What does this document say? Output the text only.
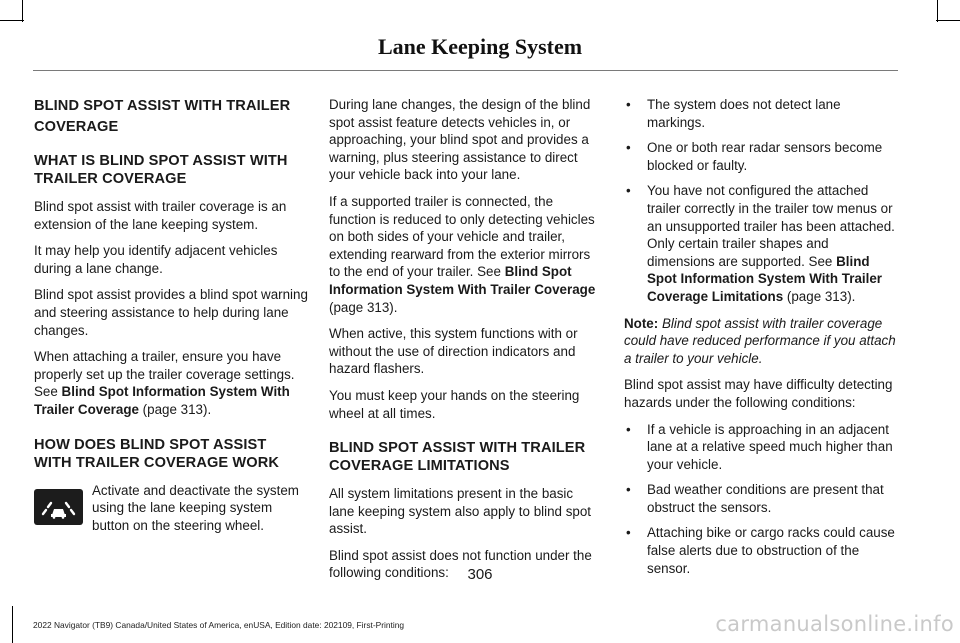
Lane Keeping System
BLIND SPOT ASSIST WITH TRAILER COVERAGE
WHAT IS BLIND SPOT ASSIST WITH TRAILER COVERAGE

Blind spot assist with trailer coverage is an extension of the lane keeping system.

It may help you identify adjacent vehicles during a lane change.

Blind spot assist provides a blind spot warning and steering assistance to help during lane changes.

When attaching a trailer, ensure you have properly set up the trailer coverage settings. See Blind Spot Information System With Trailer Coverage (page 313).

HOW DOES BLIND SPOT ASSIST WITH TRAILER COVERAGE WORK
Activate and deactivate the system using the lane keeping system button on the steering wheel.

During lane changes, the design of the blind spot assist feature detects vehicles in, or approaching, your blind spot and provides a warning, plus steering assistance to direct your vehicle back into your lane.

If a supported trailer is connected, the function is reduced to only detecting vehicles on both sides of your vehicle and trailer, extending rearward from the exterior mirrors to the end of your trailer. See Blind Spot Information System With Trailer Coverage (page 313).

When active, this system functions with or without the use of direction indicators and hazard flashers.

You must keep your hands on the steering wheel at all times.

BLIND SPOT ASSIST WITH TRAILER COVERAGE LIMITATIONS

All system limitations present in the basic lane keeping system also apply to blind spot assist.

Blind spot assist does not function under the following conditions:

• The system does not detect lane markings.
• One or both rear radar sensors become blocked or faulty.
• You have not configured the attached trailer correctly in the trailer tow menus or an unsupported trailer has been attached. Only certain trailer shapes and dimensions are supported. See Blind Spot Information System With Trailer Coverage Limitations (page 313).

Note: Blind spot assist with trailer coverage could have reduced performance if you attach a trailer to your vehicle.

Blind spot assist may have difficulty detecting hazards under the following conditions:

• If a vehicle is approaching in an adjacent lane at a relative speed much higher than your vehicle.
• Bad weather conditions are present that obstruct the sensors.
• Attaching bike or cargo racks could cause false alerts due to obstruction of the sensor.
306
2022 Navigator (TB9) Canada/United States of America, enUSA, Edition date: 202109, First-Printing	carmanualsonline.info
